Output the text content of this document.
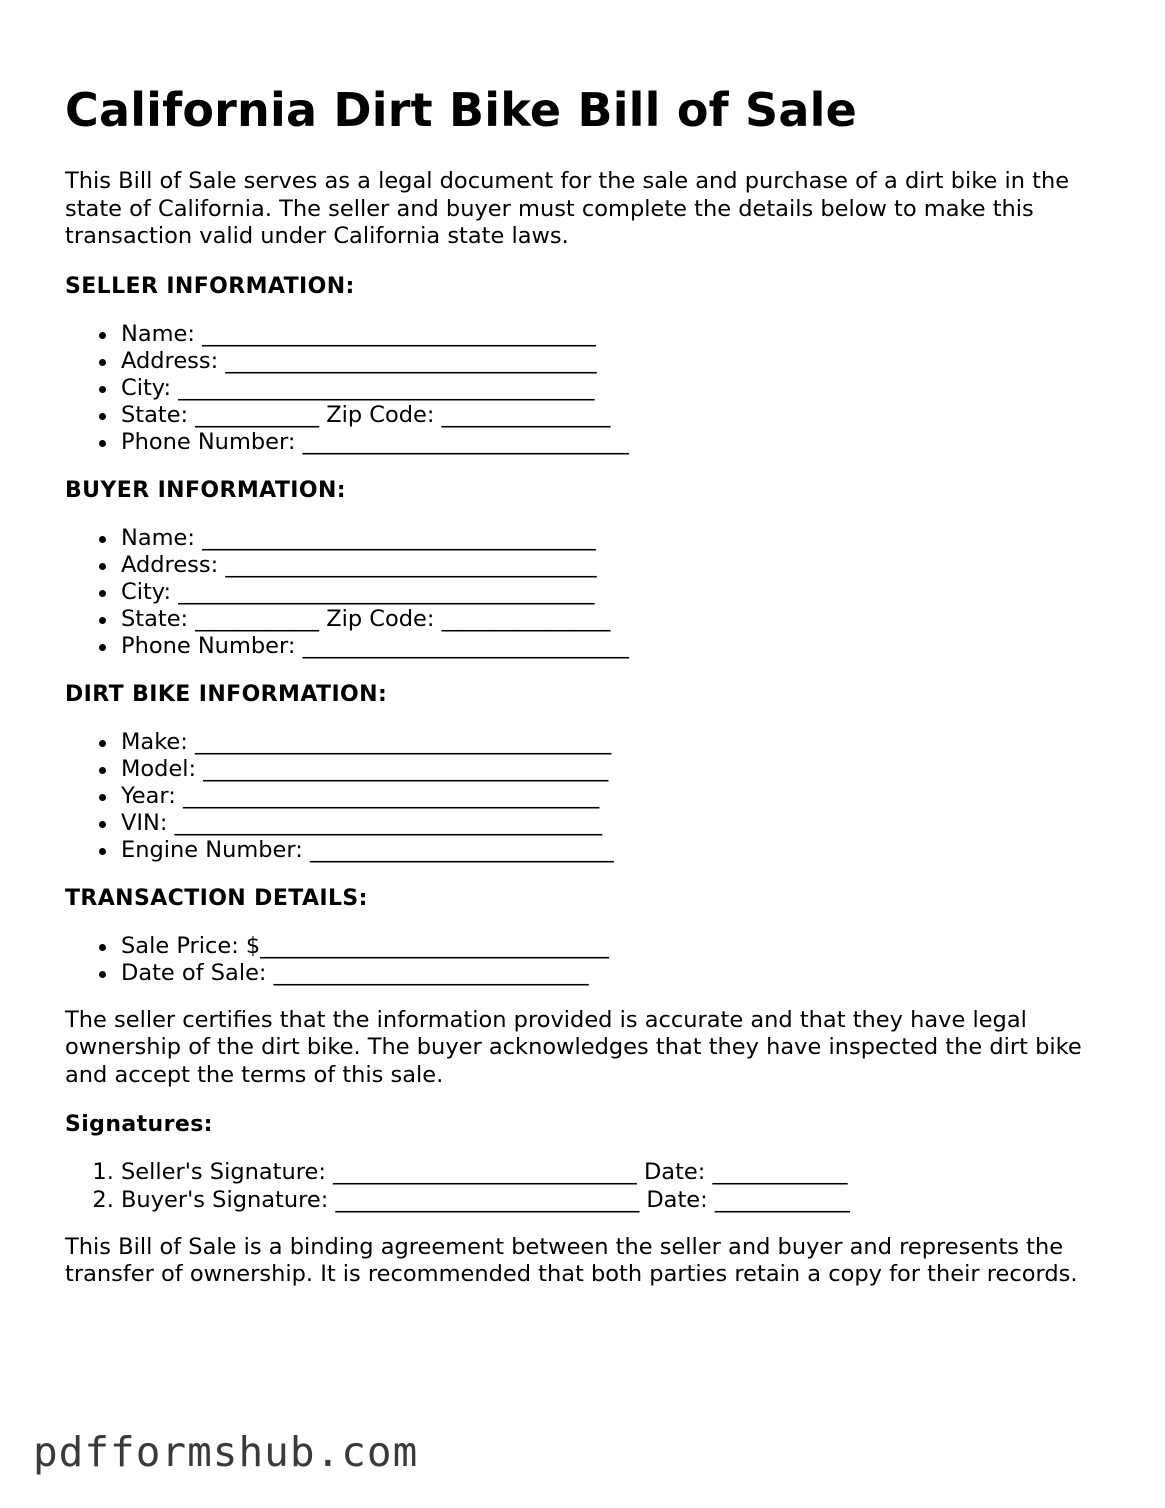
California Dirt Bike Bill of Sale

This Bill of Sale serves as a legal document for the sale and purchase of a dirt bike in the state of California. The seller and buyer must complete the details below to make this transaction valid under California state laws.

SELLER INFORMATION:
Name: ___________________________________
Address: _________________________________
City: _____________________________________
State: ___________ Zip Code: _______________
Phone Number: _____________________________
BUYER INFORMATION:
Name: ___________________________________
Address: _________________________________
City: _____________________________________
State: ___________ Zip Code: _______________
Phone Number: _____________________________
DIRT BIKE INFORMATION:
Make: _____________________________________
Model: ____________________________________
Year: _____________________________________
VIN: ______________________________________
Engine Number: ___________________________
TRANSACTION DETAILS:
Sale Price: $_______________________________
Date of Sale: ____________________________

The seller certifies that the information provided is accurate and that they have legal ownership of the dirt bike. The buyer acknowledges that they have inspected the dirt bike and accept the terms of this sale.

Signatures:
1. Seller's Signature: ___________________________ Date: ____________
2. Buyer's Signature: ___________________________ Date: ____________

This Bill of Sale is a binding agreement between the seller and buyer and represents the transfer of ownership. It is recommended that both parties retain a copy for their records.

pdfformshub.com
